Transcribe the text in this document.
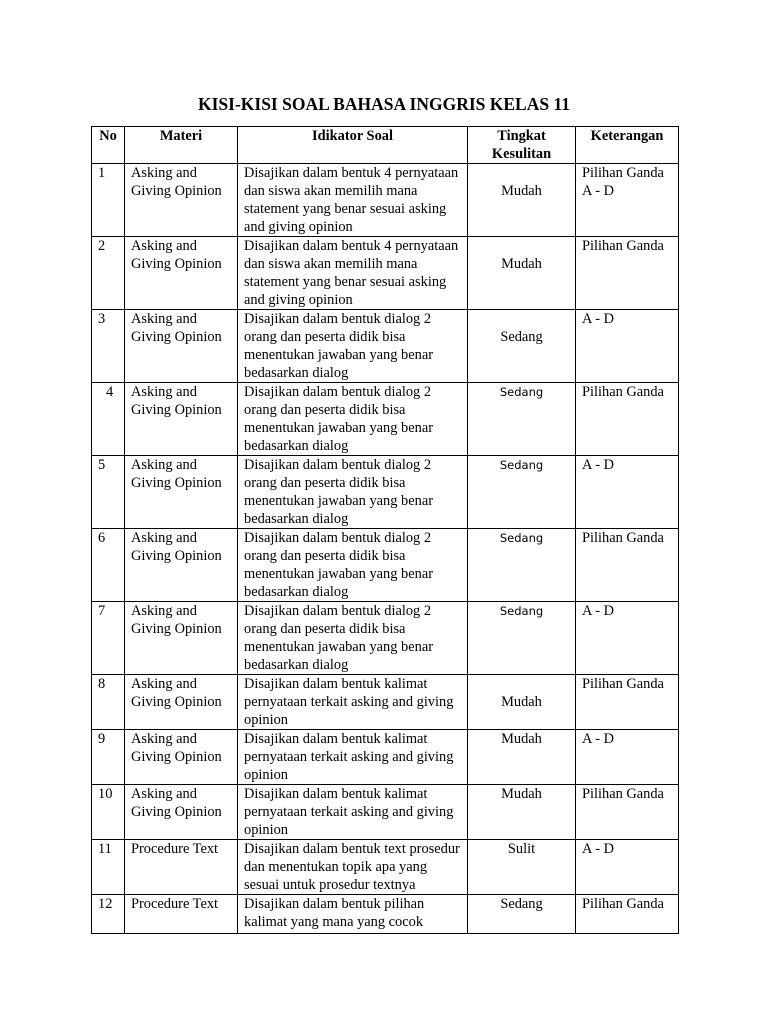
KISI-KISI SOAL BAHASA INGGRIS KELAS 11
No	Materi	Idikator Soal	Tingkat Kesulitan	Keterangan
1	Asking and Giving Opinion	Disajikan dalam bentuk 4 pernyataan dan siswa akan memilih mana statement yang benar sesuai asking and giving opinion	Mudah	Pilihan Ganda A - D
2	Asking and Giving Opinion	Disajikan dalam bentuk 4 pernyataan dan siswa akan memilih mana statement yang benar sesuai asking and giving opinion	Mudah	Pilihan Ganda
3	Asking and Giving Opinion	Disajikan dalam bentuk dialog 2 orang dan peserta didik bisa menentukan jawaban yang benar bedasarkan dialog	Sedang	A - D
4	Asking and Giving Opinion	Disajikan dalam bentuk dialog 2 orang dan peserta didik bisa menentukan jawaban yang benar bedasarkan dialog	Sedang	Pilihan Ganda
5	Asking and Giving Opinion	Disajikan dalam bentuk dialog 2 orang dan peserta didik bisa menentukan jawaban yang benar bedasarkan dialog	Sedang	A - D
6	Asking and Giving Opinion	Disajikan dalam bentuk dialog 2 orang dan peserta didik bisa menentukan jawaban yang benar bedasarkan dialog	Sedang	Pilihan Ganda
7	Asking and Giving Opinion	Disajikan dalam bentuk dialog 2 orang dan peserta didik bisa menentukan jawaban yang benar bedasarkan dialog	Sedang	A - D
8	Asking and Giving Opinion	Disajikan dalam bentuk kalimat pernyataan terkait asking and giving opinion	Mudah	Pilihan Ganda
9	Asking and Giving Opinion	Disajikan dalam bentuk kalimat pernyataan terkait asking and giving opinion	Mudah	A - D
10	Asking and Giving Opinion	Disajikan dalam bentuk kalimat pernyataan terkait asking and giving opinion	Mudah	Pilihan Ganda
11	Procedure Text	Disajikan dalam bentuk text prosedur dan menentukan topik apa yang sesuai untuk prosedur textnya	Sulit	A - D
12	Procedure Text	Disajikan dalam bentuk pilihan kalimat yang mana yang cocok	Sedang	Pilihan Ganda
